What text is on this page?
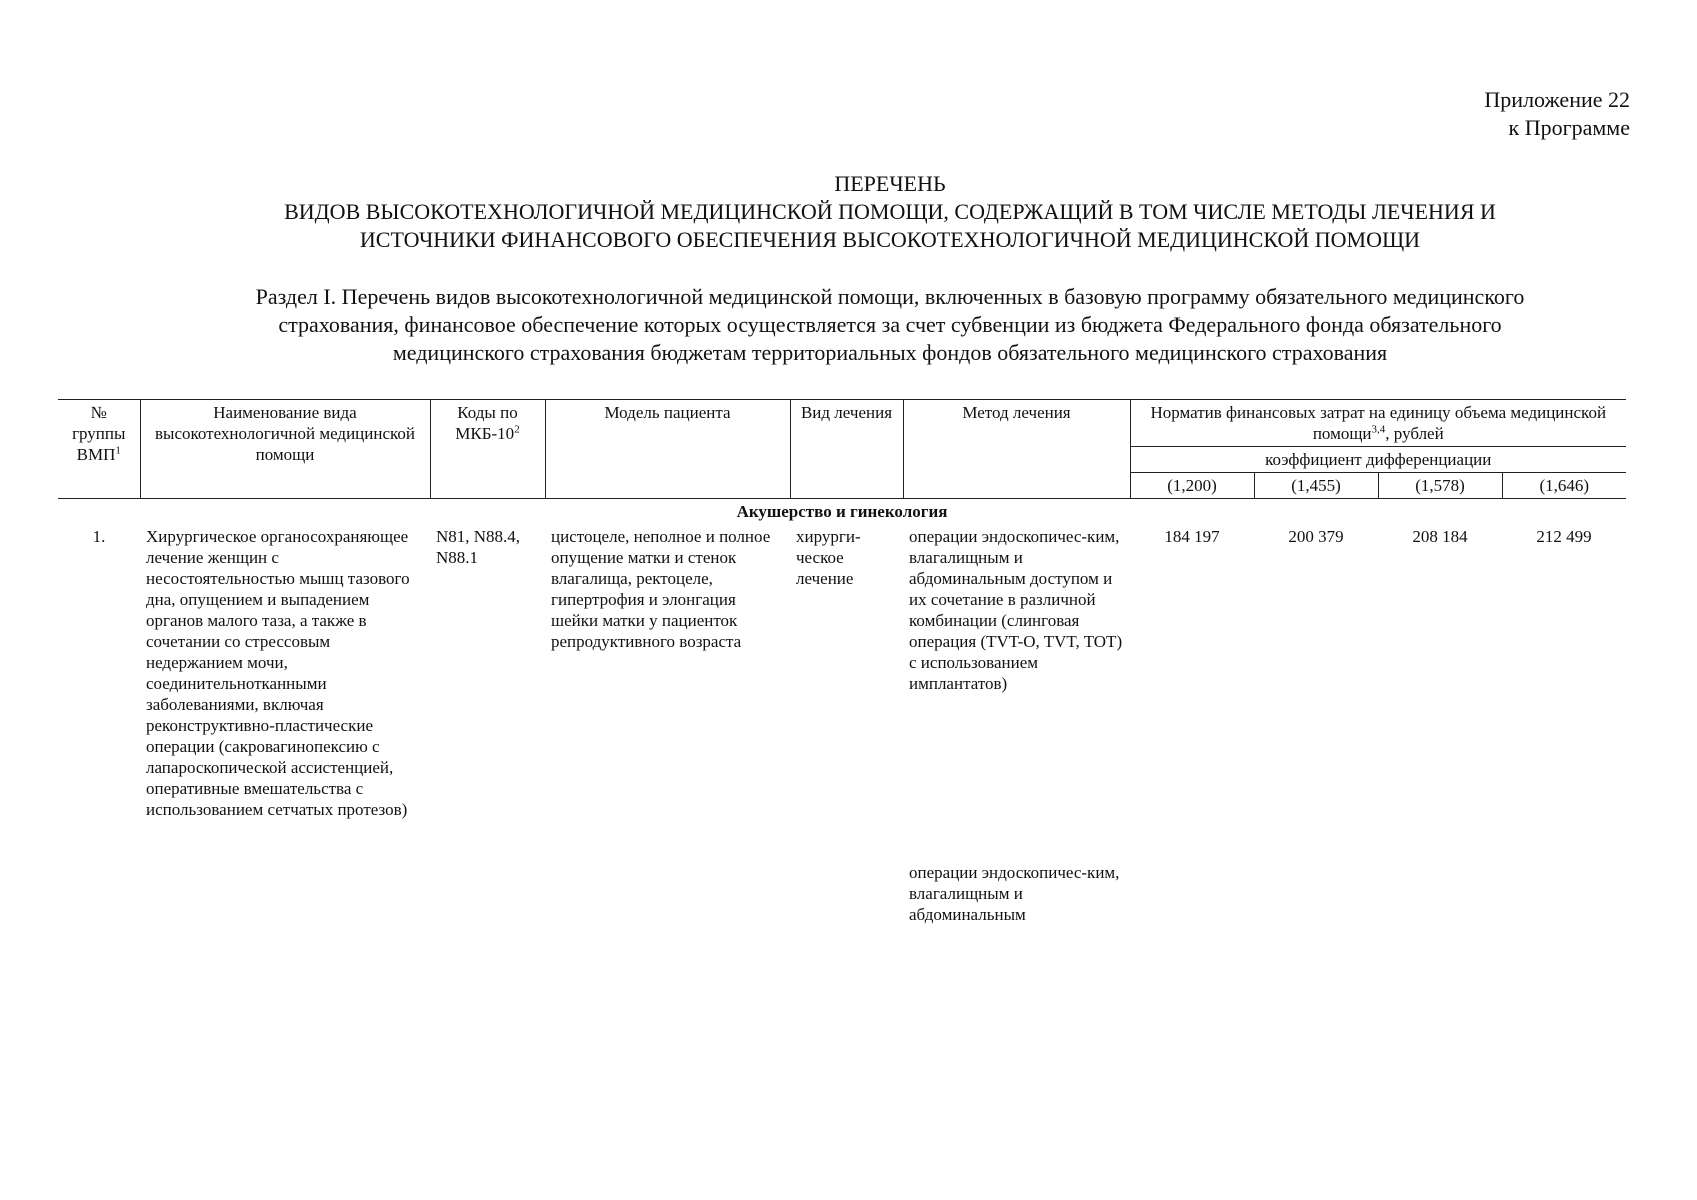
Приложение 22
к Программе
ПЕРЕЧЕНЬ
ВИДОВ ВЫСОКОТЕХНОЛОГИЧНОЙ МЕДИЦИНСКОЙ ПОМОЩИ, СОДЕРЖАЩИЙ В ТОМ ЧИСЛЕ МЕТОДЫ ЛЕЧЕНИЯ И
ИСТОЧНИКИ ФИНАНСОВОГО ОБЕСПЕЧЕНИЯ ВЫСОКОТЕХНОЛОГИЧНОЙ МЕДИЦИНСКОЙ ПОМОЩИ
Раздел I. Перечень видов высокотехнологичной медицинской помощи, включенных в базовую программу обязательного медицинского
страхования, финансовое обеспечение которых осуществляется за счет субвенции из бюджета Федерального фонда обязательного
медицинского страхования бюджетам территориальных фондов обязательного медицинского страхования
№ группы ВМП$^1$	Наименование вида высокотехнологичной медицинской помощи	Коды по МКБ-$10^2$	Модель пациента	Вид лечения	Метод лечения	Норматив финансовых затрат на единицу объема медицинской помощи$^{3,4}$, рублей			
						коэффициент дифференциации			
						(1,200)	(1,455)	(1,578)	(1,646)
Акушерство и гинекология									
1.	Хирургическое органосохраняющее лечение женщин с несостоятельностью мышц тазового дна, опущением и выпадением органов малого таза, а также в сочетании со стрессовым недержанием мочи, соединительнотканными заболеваниями, включая реконструктивно-пластические операции (сакровагинопексию с лапароскопической ассистенцией, оперативные вмешательства с использованием сетчатых протезов)	N81, N88.4, N88.1	цистоцеле, неполное и полное опущение матки и стенок влагалища, ректоцеле, гипертрофия и элонгация шейки матки у пациенток репродуктивного возраста	хирурги-ческое лечение	операции эндоскопичес-ким, влагалищным и абдоминальным доступом и их сочетание в различной комбинации (слинговая операция (TVT-O, TVT, TOT) с использованием имплантатов)	184 197	200 379	208 184	212 499

					операции эндоскопичес-ким, влагалищным и абдоминальным				
